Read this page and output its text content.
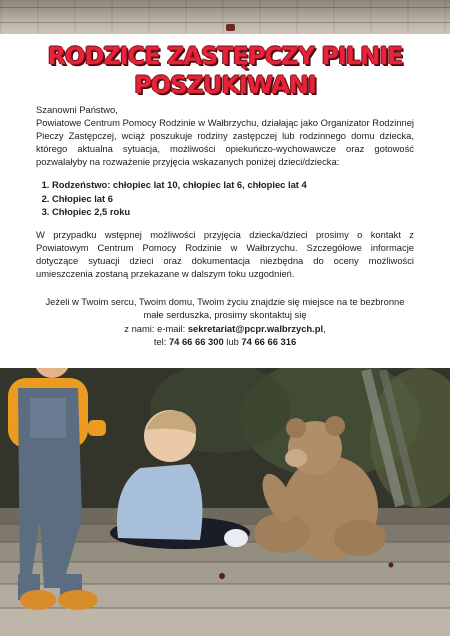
RODZICE ZASTĘPCZY PILNIE
POSZUKIWANI

Szanowni Państwo,

Powiatowe Centrum Pomocy Rodzinie w Wałbrzychu, działając jako Organizator Rodzinnej Pieczy Zastępczej, wciąż poszukuje rodziny zastępczej lub rodzinnego domu dziecka, którego aktualna sytuacja, możliwości opiekuńczo-wychowawcze oraz gotowość pozwalałyby na rozważenie przyjęcia wskazanych poniżej dzieci/dziecka:

1. Rodzeństwo: chłopiec lat 10, chłopiec lat 6, chłopiec lat 4
2. Chłopiec lat 6
3. Chłopiec 2,5 roku

W przypadku wstępnej możliwości przyjęcia dziecka/dzieci prosimy o kontakt z Powiatowym Centrum Pomocy Rodzinie w Wałbrzychu. Szczegółowe informacje dotyczące sytuacji dzieci oraz dokumentacja niezbędna do oceny możliwości umieszczenia zostaną przekazane w dalszym toku uzgodnień.

Jeżeli w Twoim sercu, Twoim domu, Twoim życiu znajdzie się miejsce na te bezbronne
małe serduszka, prosimy skontaktuj się
z nami: e-mail: sekretariat@pcpr.walbrzych.pl,
tel: 74 66 66 300 lub 74 66 66 316
